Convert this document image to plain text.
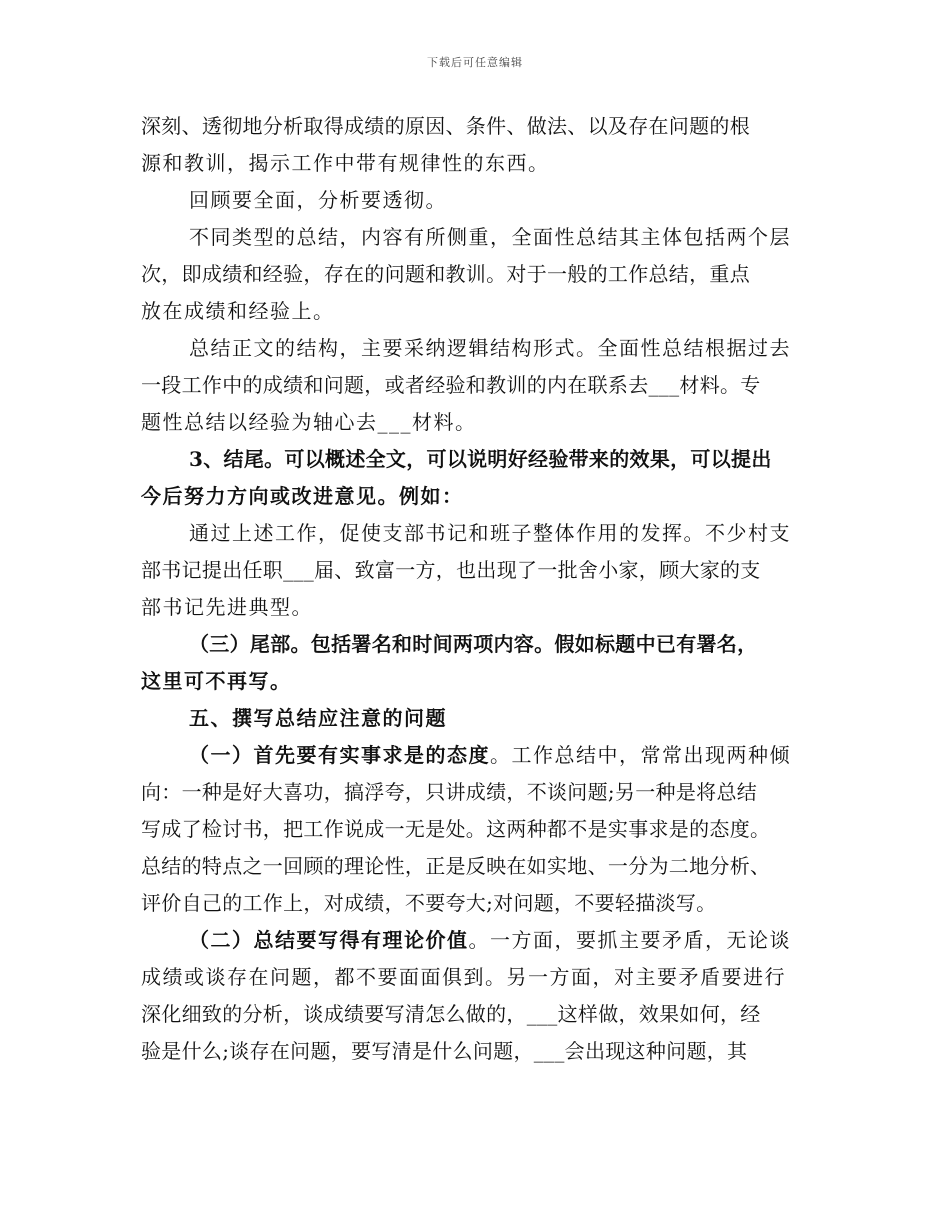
下载后可任意编辑
深刻、透彻地分析取得成绩的原因、条件、做法、以及存在问题的根
源和教训，揭示工作中带有规律性的东西。
回顾要全面，分析要透彻。
不同类型的总结，内容有所侧重，全面性总结其主体包括两个层
次，即成绩和经验，存在的问题和教训。对于一般的工作总结，重点
放在成绩和经验上。
总结正文的结构，主要采纳逻辑结构形式。全面性总结根据过去
一段工作中的成绩和问题，或者经验和教训的内在联系去___材料。专
题性总结以经验为轴心去___材料。
3、结尾。可以概述全文，可以说明好经验带来的效果，可以提出
今后努力方向或改进意见。例如：
通过上述工作，促使支部书记和班子整体作用的发挥。不少村支
部书记提出任职___届、致富一方，也出现了一批舍小家，顾大家的支
部书记先进典型。
（三）尾部。包括署名和时间两项内容。假如标题中已有署名，
这里可不再写。
五、撰写总结应注意的问题
（一）首先要有实事求是的态度。工作总结中，常常出现两种倾
向：一种是好大喜功，搞浮夸，只讲成绩，不谈问题;另一种是将总结
写成了检讨书，把工作说成一无是处。这两种都不是实事求是的态度。
总结的特点之一回顾的理论性，正是反映在如实地、一分为二地分析、
评价自己的工作上，对成绩，不要夸大;对问题，不要轻描淡写。
（二）总结要写得有理论价值。一方面，要抓主要矛盾，无论谈
成绩或谈存在问题，都不要面面俱到。另一方面，对主要矛盾要进行
深化细致的分析，谈成绩要写清怎么做的，___这样做，效果如何，经
验是什么;谈存在问题，要写清是什么问题，___会出现这种问题，其
